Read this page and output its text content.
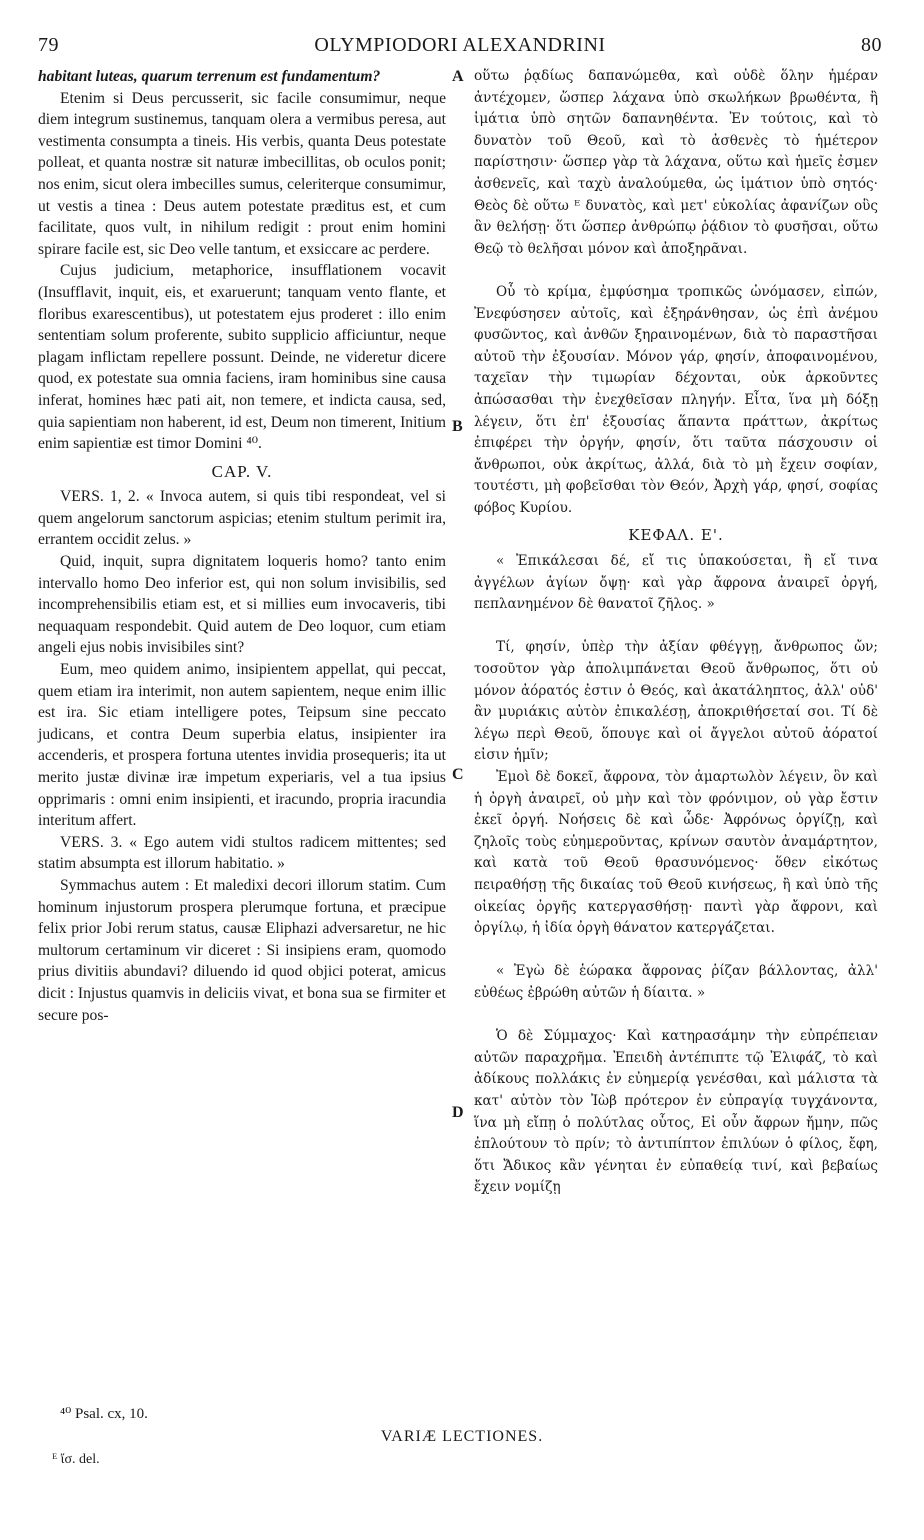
79	OLYMPIODORI ALEXANDRINI	80

habitant luteas, quarum terrenum est fundamentum?

Etenim si Deus percusserit, sic facile consumimur, neque diem integrum sustinemus, tanquam olera a vermibus peresa, aut vestimenta consumpta a tineis. His verbis, quanta Deus potestate polleat, et quanta nostræ sit naturæ imbecillitas, ob oculos ponit; nos enim, sicut olera imbecilles sumus, celeriterque consumimur, ut vestis a tinea : Deus autem potestate præditus est, et cum facilitate, quos vult, in nihilum redigit : prout enim homini spirare facile est, sic Deo velle tantum, et exsiccare ac perdere.

Cujus judicium, metaphorice, insufflationem vocavit (Insufflavit, inquit, eis, et exaruerunt; tanquam vento flante, et floribus exarescentibus), ut potestatem ejus proderet : illo enim sententiam solum proferente, subito supplicio afficiuntur, neque plagam inflictam repellere possunt. Deinde, ne videretur dicere quod, ex potestate sua omnia faciens, iram hominibus sine causa inferat, homines hæc pati ait, non temere, et indicta causa, sed, quia sapientiam non haberent, id est, Deum non timerent, Initium enim sapientiæ est timor Domini ⁴⁰.

CAP. V.

VERS. 1, 2. « Invoca autem, si quis tibi respondeat, vel si quem angelorum sanctorum aspicias; etenim stultum perimit ira, errantem occidit zelus. »

Quid, inquit, supra dignitatem loqueris homo? tanto enim intervallo homo Deo inferior est, qui non solum invisibilis, sed incomprehensibilis etiam est, et si millies eum invocaveris, tibi nequaquam respondebit. Quid autem de Deo loquor, cum etiam angeli ejus nobis invisibiles sint?

Eum, meo quidem animo, insipientem appellat, qui peccat, quem etiam ira interimit, non autem sapientem, neque enim illic est ira. Sic etiam intelligere potes, Teipsum sine peccato judicans, et contra Deum superbia elatus, insipienter ira accenderis, et prospera fortuna utentes invidia prosequeris; ita ut merito justæ divinæ iræ impetum experiaris, vel a tua ipsius opprimaris : omni enim insipienti, et iracundo, propria iracundia interitum affert.

VERS. 3. « Ego autem vidi stultos radicem mittentes; sed statim absumpta est illorum habitatio. »

Symmachus autem : Et maledixi decori illorum statim. Cum hominum injustorum prospera plerumque fortuna, et præcipue felix prior Jobi rerum status, causæ Eliphazi adversaretur, ne hic multorum certaminum vir diceret : Si insipiens eram, quomodo prius divitiis abundavi? diluendo id quod objici poterat, amicus dicit : Injustus quamvis in deliciis vivat, et bona sua se firmiter et secure pos-

A
B
C
D

οὕτω ῥᾳδίως δαπανώμεθα, καὶ οὐδὲ ὅλην ἡμέραν ἀντέχομεν, ὥσπερ λάχανα ὑπὸ σκωλήκων βρωθέντα, ἢ ἱμάτια ὑπὸ σητῶν δαπανηθέντα. Ἐν τούτοις, καὶ τὸ δυνατὸν τοῦ Θεοῦ, καὶ τὸ ἀσθενὲς τὸ ἡμέτερον παρίστησιν· ὥσπερ γὰρ τὰ λάχανα, οὕτω καὶ ἡμεῖς ἐσμεν ἀσθενεῖς, καὶ ταχὺ ἀναλούμεθα, ὡς ἱμάτιον ὑπὸ σητός· Θεὸς δὲ οὕτω ᴱ δυνατὸς, καὶ μετ' εὐκολίας ἀφανίζων οὓς ἂν θελήσῃ· ὅτι ὥσπερ ἀνθρώπῳ ῥᾴδιον τὸ φυσῆσαι, οὕτω Θεῷ τὸ θελῆσαι μόνον καὶ ἀποξηρᾶναι.

Οὗ τὸ κρίμα, ἐμφύσημα τροπικῶς ὠνόμασεν, εἰπών, Ἐνεφύσησεν αὐτοῖς, καὶ ἐξηράνθησαν, ὡς ἐπὶ ἀνέμου φυσῶντος, καὶ ἀνθῶν ξηραινομένων, διὰ τὸ παραστῆσαι αὐτοῦ τὴν ἐξουσίαν. Μόνον γάρ, φησίν, ἀποφαινομένου, ταχεῖαν τὴν τιμωρίαν δέχονται, οὐκ ἀρκοῦντες ἀπώσασθαι τὴν ἐνεχθεῖσαν πληγήν. Εἶτα, ἵνα μὴ δόξῃ λέγειν, ὅτι ἐπ' ἐξουσίας ἅπαντα πράττων, ἀκρίτως ἐπιφέρει τὴν ὀργήν, φησίν, ὅτι ταῦτα πάσχουσιν οἱ ἄνθρωποι, οὐκ ἀκρίτως, ἀλλά, διὰ τὸ μὴ ἔχειν σοφίαν, τουτέστι, μὴ φοβεῖσθαι τὸν Θεόν, Ἀρχὴ γάρ, φησί, σοφίας φόβος Κυρίου.

ΚΕΦΑΛ. Ε'.

« Ἐπικάλεσαι δέ, εἴ τις ὑπακούσεται, ἢ εἴ τινα ἀγγέλων ἁγίων ὄψῃ· καὶ γὰρ ἄφρονα ἀναιρεῖ ὀργή, πεπλανημένον δὲ θανατοῖ ζῆλος. »

Τί, φησίν, ὑπὲρ τὴν ἀξίαν φθέγγῃ, ἄνθρωπος ὤν; τοσοῦτον γὰρ ἀπολιμπάνεται Θεοῦ ἄνθρωπος, ὅτι οὐ μόνον ἀόρατός ἐστιν ὁ Θεός, καὶ ἀκατάληπτος, ἀλλ' οὐδ' ἂν μυριάκις αὐτὸν ἐπικαλέσῃ, ἀποκριθήσεταί σοι. Τί δὲ λέγω περὶ Θεοῦ, ὅπουγε καὶ οἱ ἄγγελοι αὐτοῦ ἀόρατοί εἰσιν ἡμῖν;

Ἐμοὶ δὲ δοκεῖ, ἄφρονα, τὸν ἁμαρτωλὸν λέγειν, ὃν καὶ ἡ ὀργὴ ἀναιρεῖ, οὐ μὴν καὶ τὸν φρόνιμον, οὐ γὰρ ἔστιν ἐκεῖ ὀργή. Νοήσεις δὲ καὶ ὧδε· Ἀφρόνως ὀργίζῃ, καὶ ζηλοῖς τοὺς εὐημεροῦντας, κρίνων σαυτὸν ἀναμάρτητον, καὶ κατὰ τοῦ Θεοῦ θρασυνόμενος· ὅθεν εἰκότως πειραθήσῃ τῆς δικαίας τοῦ Θεοῦ κινήσεως, ἢ καὶ ὑπὸ τῆς οἰκείας ὀργῆς κατεργασθήσῃ· παντὶ γὰρ ἄφρονι, καὶ ὀργίλῳ, ἡ ἰδία ὀργὴ θάνατον κατεργάζεται.

« Ἐγὼ δὲ ἑώρακα ἄφρονας ῥίζαν βάλλοντας, ἀλλ' εὐθέως ἐβρώθη αὐτῶν ἡ δίαιτα. »

Ὁ δὲ Σύμμαχος· Καὶ κατηρασάμην τὴν εὐπρέπειαν αὐτῶν παραχρῆμα. Ἐπειδὴ ἀντέπιπτε τῷ Ἐλιφάζ, τὸ καὶ ἀδίκους πολλάκις ἐν εὐημερίᾳ γενέσθαι, καὶ μάλιστα τὰ κατ' αὐτὸν τὸν Ἰὼβ πρότερον ἐν εὐπραγίᾳ τυγχάνοντα, ἵνα μὴ εἴπῃ ὁ πολύτλας οὗτος, Εἰ οὖν ἄφρων ἤμην, πῶς ἐπλούτουν τὸ πρίν; τὸ ἀντιπίπτον ἐπιλύων ὁ φίλος, ἔφη, ὅτι Ἄδικος κἂν γένηται ἐν εὐπαθείᾳ τινί, καὶ βεβαίως ἔχειν νομίζῃ

⁴⁰ Psal. cx, 10.
VARIÆ LECTIONES.
ᴱ ἴσ. del.
